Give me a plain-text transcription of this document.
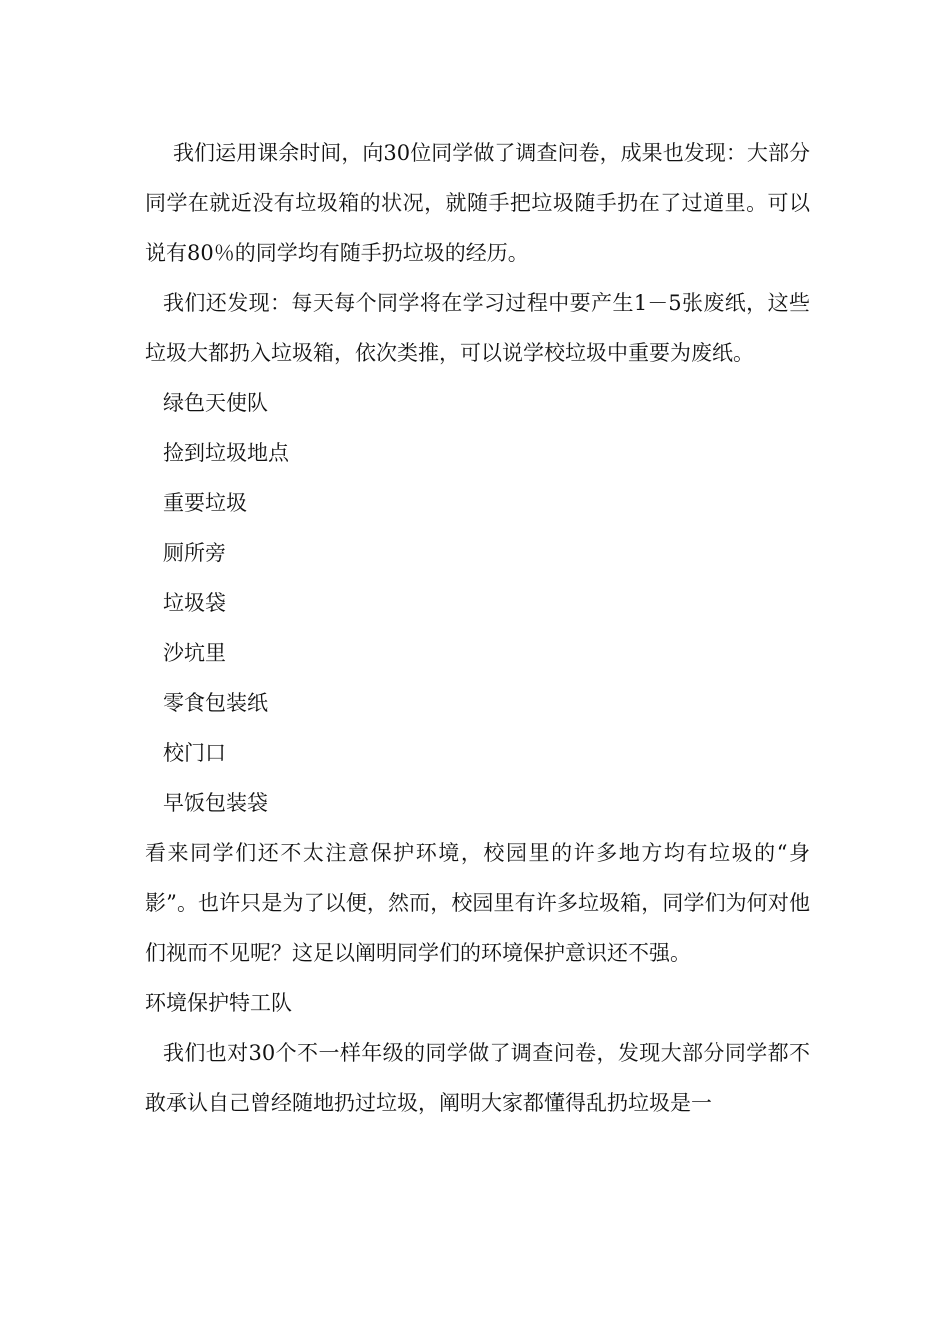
我们运用课余时间，向30位同学做了调查问卷，成果也发现：大部分同学在就近没有垃圾箱的状况，就随手把垃圾随手扔在了过道里。可以说有80％的同学均有随手扔垃圾的经历。

我们还发现：每天每个同学将在学习过程中要产生1－5张废纸，这些垃圾大都扔入垃圾箱，依次类推，可以说学校垃圾中重要为废纸。

绿色天使队

捡到垃圾地点

重要垃圾

厕所旁

垃圾袋

沙坑里

零食包装纸

校门口

早饭包装袋

看来同学们还不太注意保护环境，校园里的许多地方均有垃圾的“身影”。也许只是为了以便，然而，校园里有许多垃圾箱，同学们为何对他们视而不见呢？这足以阐明同学们的环境保护意识还不强。

环境保护特工队

我们也对30个不一样年级的同学做了调查问卷，发现大部分同学都不敢承认自己曾经随地扔过垃圾，阐明大家都懂得乱扔垃圾是一
